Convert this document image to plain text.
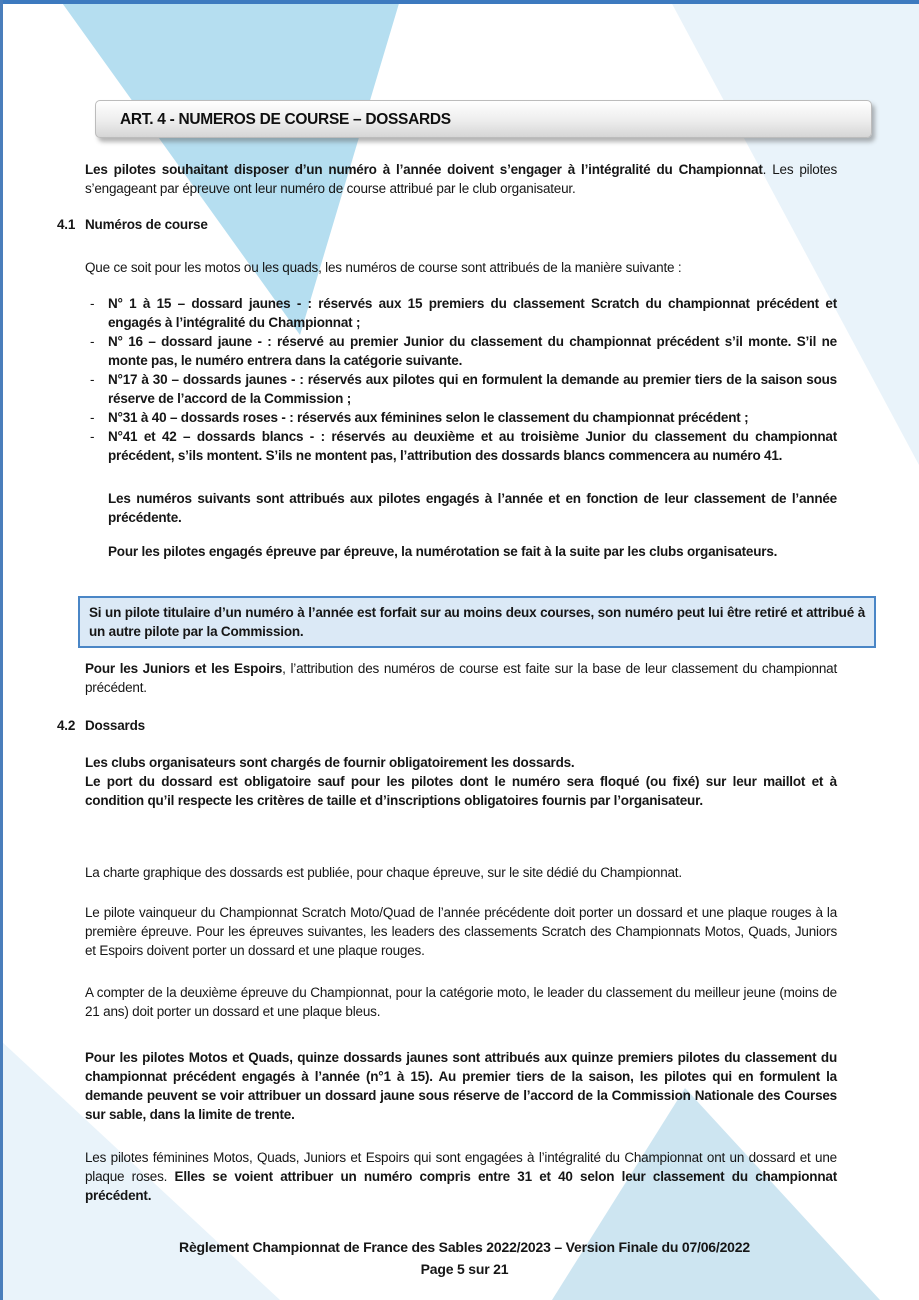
ART. 4 - NUMEROS DE COURSE – DOSSARDS

Les pilotes souhaitant disposer d’un numéro à l’année doivent s’engager à l’intégralité du Championnat. Les pilotes s’engageant par épreuve ont leur numéro de course attribué par le club organisateur.

4.1 Numéros de course

Que ce soit pour les motos ou les quads, les numéros de course sont attribués de la manière suivante :

- N° 1 à 15 – dossard jaunes - : réservés aux 15 premiers du classement Scratch du championnat précédent et engagés à l’intégralité du Championnat ;
- N° 16 – dossard jaune - : réservé au premier Junior du classement du championnat précédent s’il monte. S’il ne monte pas, le numéro entrera dans la catégorie suivante.
- N°17 à 30 – dossards jaunes - : réservés aux pilotes qui en formulent la demande au premier tiers de la saison sous réserve de l’accord de la Commission ;
- N°31 à 40 – dossards roses - : réservés aux féminines selon le classement du championnat précédent ;
- N°41 et 42 – dossards blancs - : réservés au deuxième et au troisième Junior du classement du championnat précédent, s’ils montent. S’ils ne montent pas, l’attribution des dossards blancs commencera au numéro 41.

Les numéros suivants sont attribués aux pilotes engagés à l’année et en fonction de leur classement de l’année précédente.

Pour les pilotes engagés épreuve par épreuve, la numérotation se fait à la suite par les clubs organisateurs.

Si un pilote titulaire d’un numéro à l’année est forfait sur au moins deux courses, son numéro peut lui être retiré et attribué à un autre pilote par la Commission.

Pour les Juniors et les Espoirs, l’attribution des numéros de course est faite sur la base de leur classement du championnat précédent.

4.2 Dossards

Les clubs organisateurs sont chargés de fournir obligatoirement les dossards.

Le port du dossard est obligatoire sauf pour les pilotes dont le numéro sera floqué (ou fixé) sur leur maillot et à condition qu’il respecte les critères de taille et d’inscriptions obligatoires fournis par l’organisateur.

La charte graphique des dossards est publiée, pour chaque épreuve, sur le site dédié du Championnat.

Le pilote vainqueur du Championnat Scratch Moto/Quad de l’année précédente doit porter un dossard et une plaque rouges à la première épreuve. Pour les épreuves suivantes, les leaders des classements Scratch des Championnats Motos, Quads, Juniors et Espoirs doivent porter un dossard et une plaque rouges.

A compter de la deuxième épreuve du Championnat, pour la catégorie moto, le leader du classement du meilleur jeune (moins de 21 ans) doit porter un dossard et une plaque bleus.

Pour les pilotes Motos et Quads, quinze dossards jaunes sont attribués aux quinze premiers pilotes du classement du championnat précédent engagés à l’année (n°1 à 15). Au premier tiers de la saison, les pilotes qui en formulent la demande peuvent se voir attribuer un dossard jaune sous réserve de l’accord de la Commission Nationale des Courses sur sable, dans la limite de trente.

Les pilotes féminines Motos, Quads, Juniors et Espoirs qui sont engagées à l’intégralité du Championnat ont un dossard et une plaque roses. Elles se voient attribuer un numéro compris entre 31 et 40 selon leur classement du championnat précédent.

Règlement Championnat de France des Sables 2022/2023 – Version Finale du 07/06/2022
Page 5 sur 21
